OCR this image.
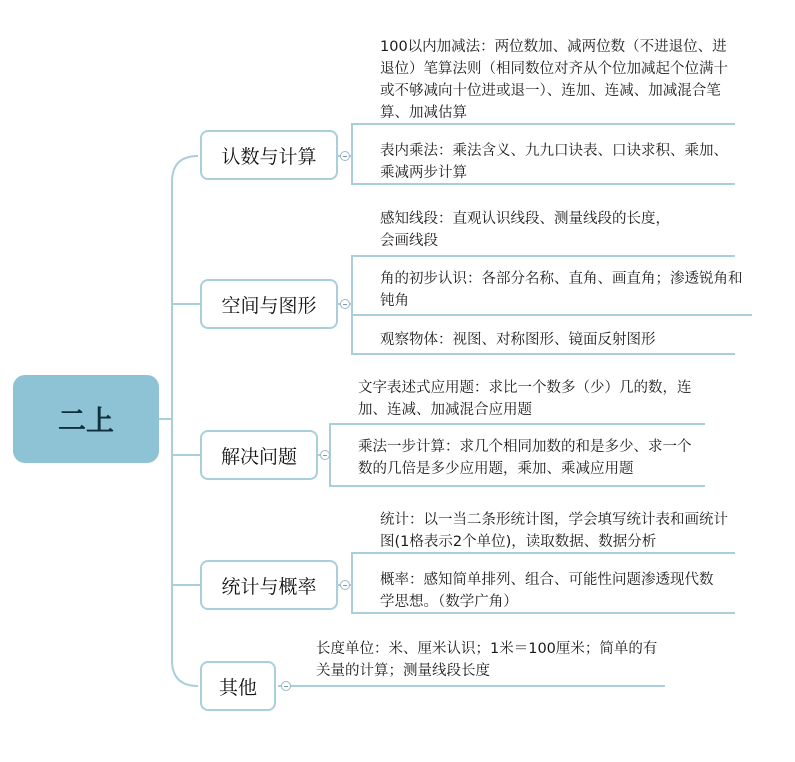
二上
认数与计算
100以内加减法：两位数加、减两位数（不进退位、进退位）笔算法则（相同数位对齐从个位加减起个位满十或不够减向十位进或退一）、连加、连减、加减混合笔算、加减估算
表内乘法：乘法含义、九九口诀表、口诀求积、乘加、乘减两步计算
空间与图形
感知线段：直观认识线段、测量线段的长度，会画线段
角的初步认识：各部分名称、直角、画直角；渗透锐角和钝角
观察物体：视图、对称图形、镜面反射图形
解决问题
文字表述式应用题：求比一个数多（少）几的数，连加、连减、加减混合应用题
乘法一步计算：求几个相同加数的和是多少、求一个数的几倍是多少应用题，乘加、乘减应用题
统计与概率
统计：以一当二条形统计图，学会填写统计表和画统计图(1格表示2个单位)，读取数据、数据分析
概率：感知简单排列、组合、可能性问题渗透现代数学思想。（数学广角）
其他
长度单位：米、厘米认识；1米＝100厘米；简单的有关量的计算；测量线段长度
